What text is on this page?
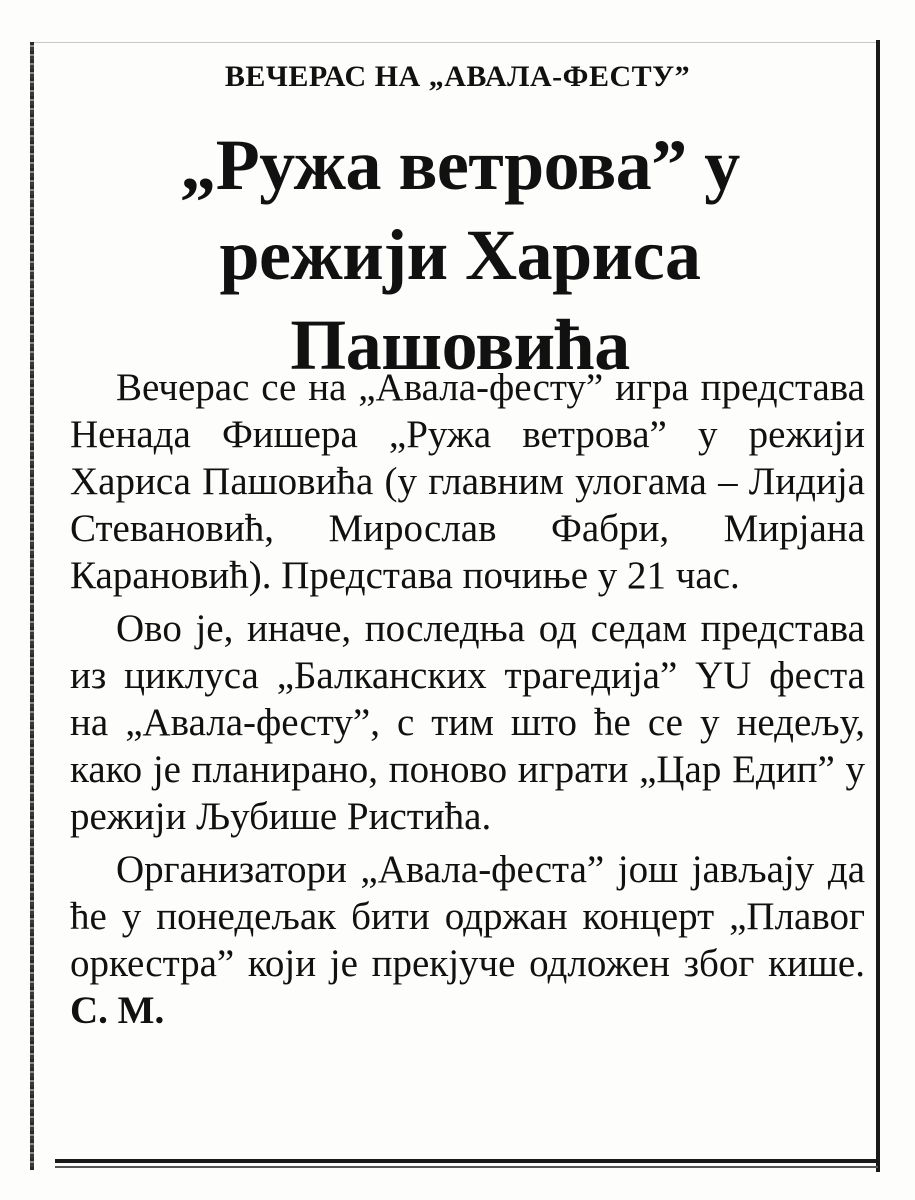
ВЕЧЕРАС НА „АВАЛА-ФЕСТУ”
„Ружа ветрова” у режији Хариса Пашовића

Вечерас се на „Авала-фесту” игра представа Ненада Фишера „Ружа ветрова” у режији Хариса Пашовића (у главним улогама – Лидија Стевановић, Мирослав Фабри, Мирјана Карановић). Представа почиње у 21 час.

Ово је, иначе, последња од седам представа из циклуса „Балканских трагедија” YU феста на „Авала-фесту”, с тим што ће се у недељу, како је планирано, поново играти „Цар Едип” у режији Љубише Ристића.

Организатори „Авала-феста” још јављају да ће у понедељак бити одржан концерт „Плавог оркестра” који је прекјуче одложен због кише. С. М.
